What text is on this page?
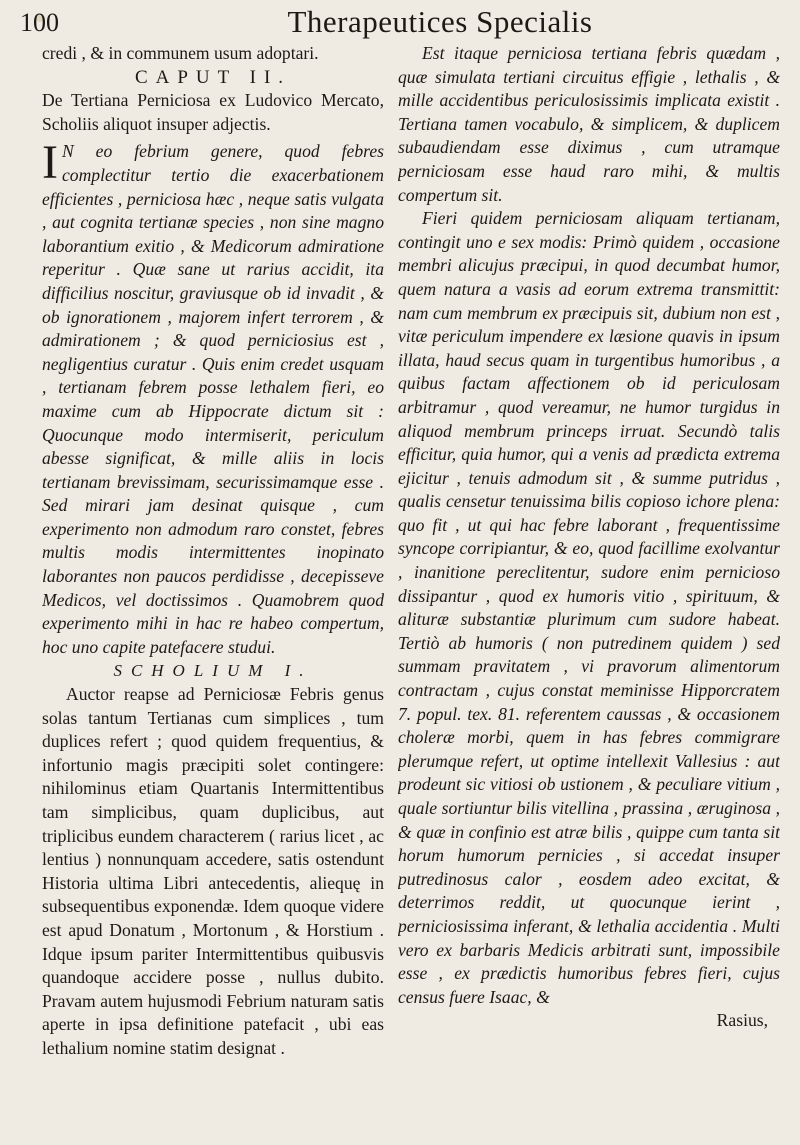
100	Therapeutices Specialis

credi , & in communem usum adoptari.

CAPUT II.

De Tertiana Perniciosa ex Ludovico Mercato, Scholiis aliquot insuper adjectis.

I N eo febrium genere, quod febres complectitur tertio die exacerbationem efficientes , perniciosa hæc , neque satis vulgata , aut cognita tertianæ species , non sine magno laborantium exitio , & Medicorum admiratione reperitur . Quæ sane ut rarius accidit, ita difficilius noscitur, graviusque ob id invadit , & ob ignorationem , majorem infert terrorem , & admirationem ; & quod perniciosius est , negligentius curatur . Quis enim credet usquam , tertianam febrem posse lethalem fieri, eo maxime cum ab Hippocrate dictum sit : Quocunque modo intermiserit, periculum abesse significat, & mille aliis in locis tertianam brevissimam, securissimamque esse . Sed mirari jam desinat quisque , cum experimento non admodum raro constet, febres multis modis intermittentes inopinato laborantes non paucos perdidisse , decepisseve Medicos, vel doctissimos . Quamobrem quod experimento mihi in hac re habeo compertum, hoc uno capite patefacere studui.

SCHOLIUM I.

Auctor reapse ad Perniciosæ Febris genus solas tantum Tertianas cum simplices , tum duplices refert ; quod quidem frequentius, & infortunio magis præcipiti solet contingere: nihilominus etiam Quartanis Intermittentibus tam simplicibus, quam duplicibus, aut triplicibus eundem characterem ( rarius licet , ac lentius ) nonnunquam accedere, satis ostendunt Historia ultima Libri antecedentis, aliequę in subsequentibus exponendæ. Idem quoque videre est apud Donatum , Mortonum , & Horstium . Idque ipsum pariter Intermittentibus quibusvis quandoque accidere posse , nullus dubito. Pravam autem hujusmodi Febrium naturam satis aperte in ipsa definitione patefacit , ubi eas lethalium nomine statim designat .

Est itaque perniciosa tertiana febris quædam , quæ simulata tertiani circuitus effigie , lethalis , & mille accidentibus periculosissimis implicata existit . Tertiana tamen vocabulo, & simplicem, & duplicem subaudiendam esse diximus , cum utramque perniciosam esse haud raro mihi, & multis compertum sit.

Fieri quidem perniciosam aliquam tertianam, contingit uno e sex modis: Primò quidem , occasione membri alicujus præcipui, in quod decumbat humor, quem natura a vasis ad eorum extrema transmittit: nam cum membrum ex præcipuis sit, dubium non est , vitæ periculum impendere ex læsione quavis in ipsum illata, haud secus quam in turgentibus humoribus , a quibus factam affectionem ob id periculosam arbitramur , quod vereamur, ne humor turgidus in aliquod membrum princeps irruat. Secundò talis efficitur, quia humor, qui a venis ad prædicta extrema ejicitur , tenuis admodum sit , & summe putridus , qualis censetur tenuissima bilis copioso ichore plena: quo fit , ut qui hac febre laborant , frequentissime syncope corripiantur, & eo, quod facillime exolvantur , inanitione pereclitentur, sudore enim pernicioso dissipantur , quod ex humoris vitio , spirituum, & alituræ substantiæ plurimum cum sudore habeat. Tertiò ab humoris ( non putredinem quidem ) sed summam pravitatem , vi pravorum alimentorum contractam , cujus constat meminisse Hipporcratem 7. popul. tex. 81. referentem caussas , & occasionem choleræ morbi, quem in has febres commigrare plerumque refert, ut optime intellexit Vallesius : aut prodeunt sic vitiosi ob ustionem , & peculiare vitium , quale sortiuntur bilis vitellina , prassina , æruginosa , & quæ in confinio est atræ bilis , quippe cum tanta sit horum humorum pernicies , si accedat insuper putredinosus calor , eosdem adeo excitat, & deterrimos reddit, ut quocunque ierint , perniciosissima inferant, & lethalia accidentia . Multi vero ex barbaris Medicis arbitrati sunt, impossibile esse , ex prædictis humoribus febres fieri, cujus census fuere Isaac, &

Rasius,
